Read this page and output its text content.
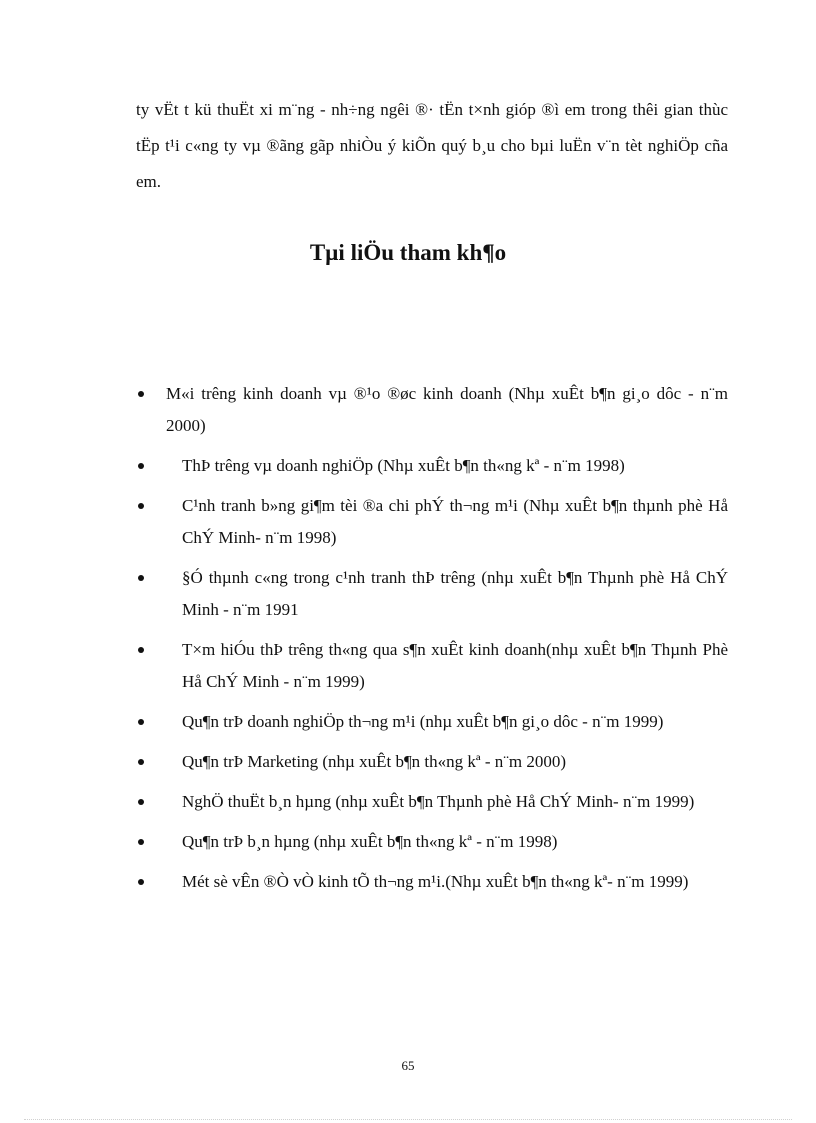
ty vËt t kü thuËt xi m¨ng - nh÷ng ngêi ®· tËn t×nh gióp ®ì em trong thêi gian thùc tËp t¹i c«ng ty vµ ®ãng gãp nhiÒu ý kiÕn quý b¸u cho bµi luËn v¨n tèt nghiÖp cña em.

Tµi liÖu tham kh¶o
M«i trêng kinh doanh vµ ®¹o ®øc kinh doanh (Nhµ xuÊt b¶n gi¸o dôc - n¨m 2000)
ThÞ trêng vµ doanh nghiÖp (Nhµ xuÊt b¶n th«ng kª - n¨m 1998)
C¹nh tranh b»ng gi¶m tèi ®a chi phÝ th¬ng m¹i (Nhµ xuÊt b¶n thµnh phè Hå ChÝ Minh- n¨m 1998)
§Ó thµnh c«ng trong c¹nh tranh thÞ trêng (nhµ xuÊt b¶n Thµnh phè Hå ChÝ Minh - n¨m 1991
T×m hiÓu thÞ trêng th«ng qua s¶n xuÊt kinh doanh(nhµ xuÊt b¶n Thµnh Phè Hå ChÝ Minh - n¨m 1999)
Qu¶n trÞ doanh nghiÖp th¬ng m¹i (nhµ xuÊt b¶n gi¸o dôc - n¨m 1999)
Qu¶n trÞ Marketing (nhµ xuÊt b¶n th«ng kª - n¨m 2000)
NghÖ thuËt b¸n hµng (nhµ xuÊt b¶n Thµnh phè Hå ChÝ Minh- n¨m 1999)
Qu¶n trÞ b¸n hµng (nhµ xuÊt b¶n th«ng kª - n¨m 1998)
Mét sè vÊn ®Ò vÒ kinh tÕ th¬ng m¹i.(Nhµ xuÊt b¶n th«ng kª- n¨m 1999)
65
